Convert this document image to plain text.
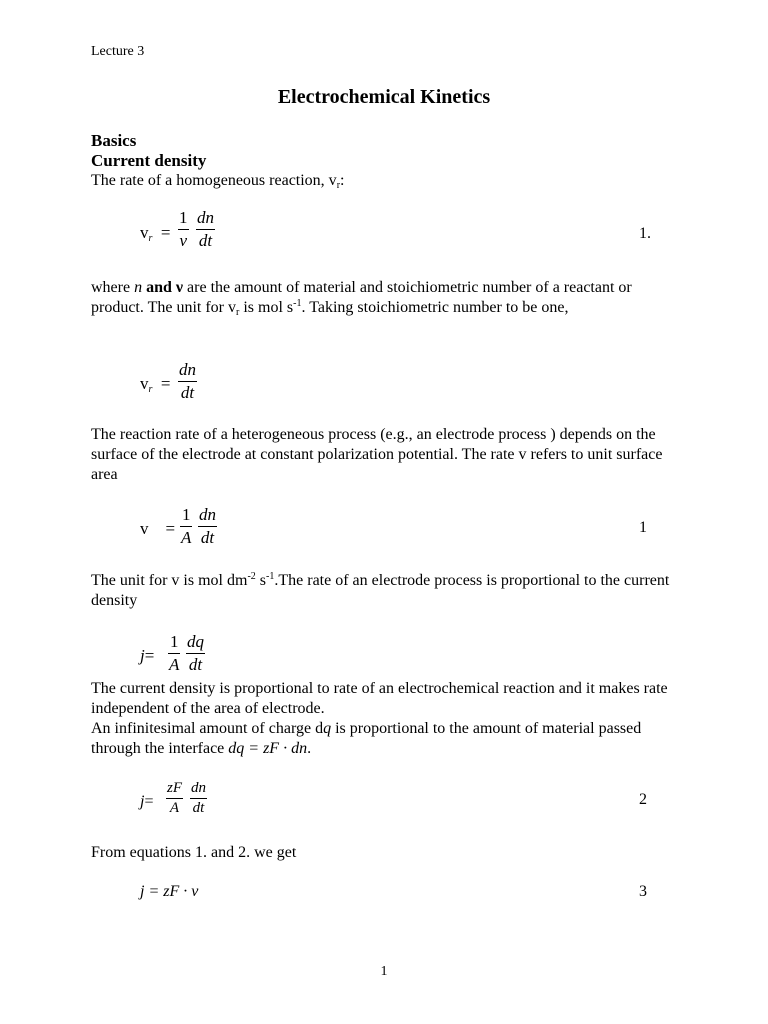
Lecture 3
Electrochemical Kinetics
Basics
Current density
The rate of a homogeneous reaction, $v_r$:
$v_r = \frac{1}{\nu} \frac{dn}{dt}$	1.
where n and ν are the amount of material and stoichiometric number of a reactant or product. The unit for $v_r$ is mol $s^{-1}$. Taking stoichiometric number to be one,
$v_r = \frac{dn}{dt}$
The reaction rate of a heterogeneous process (e.g., an electrode process ) depends on the surface of the electrode at constant polarization potential. The rate v refers to unit surface area
$v = \frac{1}{A} \frac{dn}{dt}$	1
The unit for v is mol $dm^{-2}$ $s^{-1}.The$ rate of an electrode process is proportional to the current density
$j= \frac{1}{A} \frac{dq}{dt}$
The current density is proportional to rate of an electrochemical reaction and it makes rate independent of the area of electrode.
An infinitesimal amount of charge dq is proportional to the amount of material passed through the interface dq = zF · dn.
$j= \frac{zF}{A} \frac{dn}{dt}$	2
From equations 1. and 2. we get
j = zF · v	3
1
